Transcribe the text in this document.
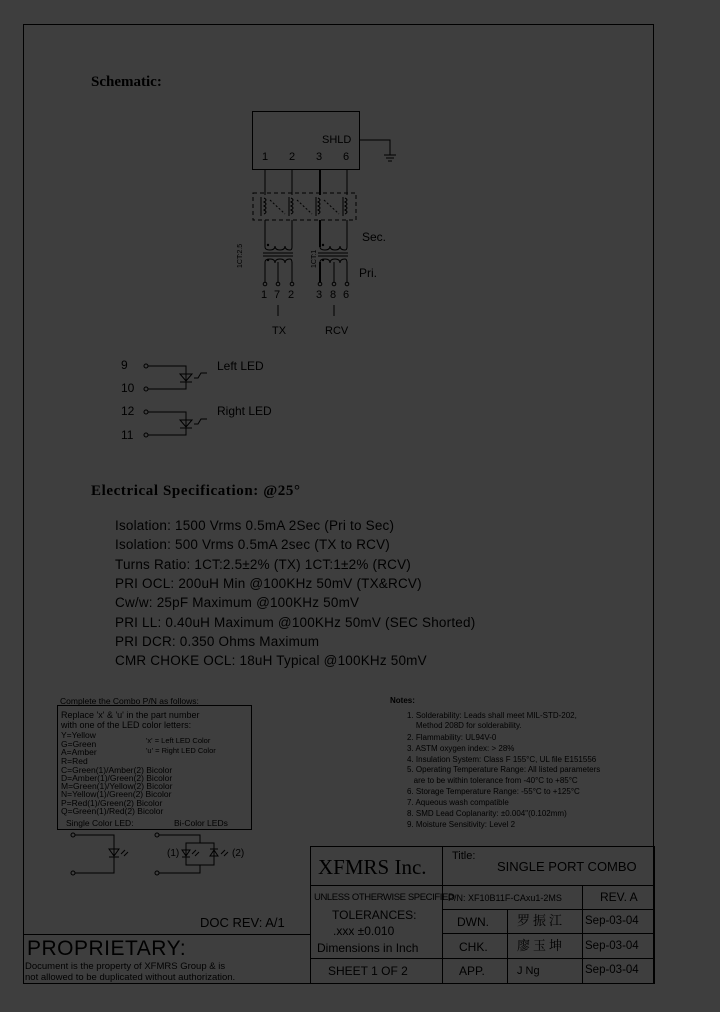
Schematic:
SHLD
1 2 3 6
Sec.
Pri.
1CT:2.5	1CT:1
1 7 2 3 8 6
TX	RCV
9
10
Left LED
12
11
Right LED
Electrical Specification: @25°
Isolation: 1500 Vrms 0.5mA 2Sec (Pri to Sec)
Isolation: 500 Vrms 0.5mA 2sec (TX to RCV)
Turns Ratio: 1CT:2.5±2% (TX) 1CT:1±2% (RCV)
PRI OCL: 200uH Min @100KHz 50mV (TX&RCV)
Cw/w: 25pF Maximum @100KHz 50mV
PRI LL: 0.40uH Maximum @100KHz 50mV (SEC Shorted)
PRI DCR: 0.350 Ohms Maximum
CMR CHOKE OCL: 18uH Typical @100KHz 50mV
Complete the Combo P/N as follows:
Replace 'x' & 'u' in the part number
with one of the LED color letters:
Y=Yellow
G=Green
A=Amber
R=Red
C=Green(1)/Amber(2) Bicolor
D=Amber(1)/Green(2) Bicolor
M=Green(1)/Yellow(2) Bicolor
N=Yellow(1)/Green(2) Bicolor
P=Red(1)/Green(2) Bicolor
Q=Green(1)/Red(2) Bicolor
'x' = Left LED Color
'u' = Right LED Color
Single Color LED:	Bi-Color LEDs
(1)	(2)
Notes:
1. Solderability: Leads shall meet MIL-STD-202,
Method 208D for solderability.
2. Flammability: UL94V-0
3. ASTM oxygen index: > 28%
4. Insulation System: Class F 155°C, UL file E151556
5. Operating Temperature Range: All listed parameters
are to be within tolerance from -40°C to +85°C
6. Storage Temperature Range: -55°C to +125°C
7. Aqueous wash compatible
8. SMD Lead Coplanarity: ±0.004"(0.102mm)
9. Moisture Sensitivity: Level 2
DOC REV: A/1
PROPRIETARY:
Document is the property of XFMRS Group & is
not allowed to be duplicated without authorization.
XFMRS Inc. Title:
SINGLE PORT COMBO
UNLESS OTHERWISE SPECIFIED
TOLERANCES:
.xxx ±0.010
Dimensions in Inch
SHEET 1 OF 2
P/N: XF10B11F-CAxu1-2MS	REV. A
DWN. 罗振江 Sep-03-04
CHK. 廖玉坤 Sep-03-04
APP.	J Ng	Sep-03-04
